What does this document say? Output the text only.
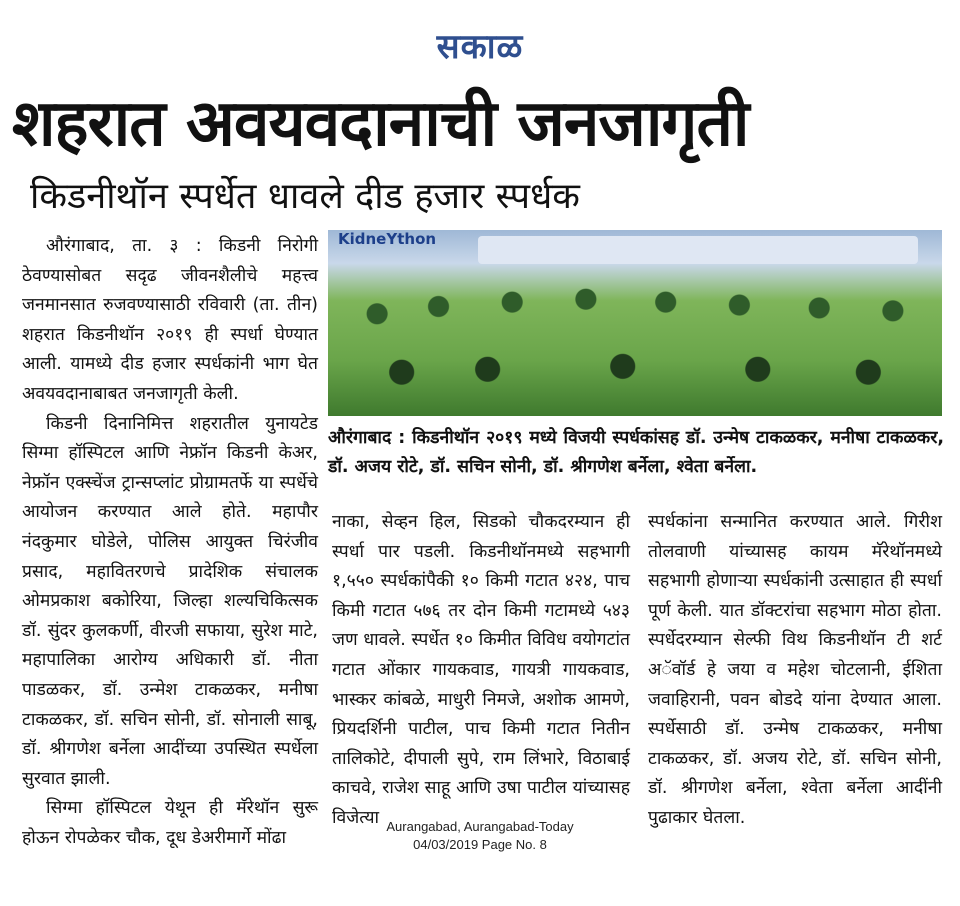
सकाळ
शहरात अवयवदानाची जनजागृती
किडनीथॉन स्पर्धेत धावले दीड हजार स्पर्धक

औरंगाबाद, ता. ३ : किडनी निरोगी ठेवण्यासोबत सदृढ जीवनशैलीचे महत्त्व जनमानसात रुजवण्यासाठी रविवारी (ता. तीन) शहरात किडनीथॉन २०१९ ही स्पर्धा घेण्यात आली. यामध्ये दीड हजार स्पर्धकांनी भाग घेत अवयवदानाबाबत जनजागृती केली.

किडनी दिनानिमित्त शहरातील युनायटेड सिग्मा हॉस्पिटल आणि नेफ्रॉन किडनी केअर, नेफ्रॉन एक्स्चेंज ट्रान्सप्लांट प्रोग्रामतर्फे या स्पर्धेचे आयोजन करण्यात आले होते. महापौर नंदकुमार घोडेले, पोलिस आयुक्त चिरंजीव प्रसाद, महावितरणचे प्रादेशिक संचालक ओमप्रकाश बकोरिया, जिल्हा शल्यचिकित्सक डॉ. सुंदर कुलकर्णी, वीरजी सफाया, सुरेश माटे, महापालिका आरोग्य अधिकारी डॉ. नीता पाडळकर, डॉ. उन्मेश टाकळकर, मनीषा टाकळकर, डॉ. सचिन सोनी, डॉ. सोनाली साबू, डॉ. श्रीगणेश बर्नेला आदींच्या उपस्थित स्पर्धेला सुरवात झाली.

सिग्मा हॉस्पिटल येथून ही मॅरेथॉन सुरू होऊन रोपळेकर चौक, दूध डेअरीमार्गे मोंढा

KidneYthon
औरंगाबाद : किडनीथॉन २०१९ मध्ये विजयी स्पर्धकांसह डॉ. उन्मेष टाकळकर, मनीषा टाकळकर, डॉ. अजय रोटे, डॉ. सचिन सोनी, डॉ. श्रीगणेश बर्नेला, श्वेता बर्नेला.

नाका, सेव्हन हिल, सिडको चौकदरम्यान ही स्पर्धा पार पडली. किडनीथॉनमध्ये सहभागी १,५५० स्पर्धकांपैकी १० किमी गटात ४२४, पाच किमी गटात ५७६ तर दोन किमी गटामध्ये ५४३ जण धावले. स्पर्धेत १० किमीत विविध वयोगटांत गटात ओंकार गायकवाड, गायत्री गायकवाड, भास्कर कांबळे, माधुरी निमजे, अशोक आमणे, प्रियदर्शिनी पाटील, पाच किमी गटात नितीन तालिकोटे, दीपाली सुपे, राम लिंभारे, विठाबाई काचवे, राजेश साहू आणि उषा पाटील यांच्यासह विजेत्या

स्पर्धकांना सन्मानित करण्यात आले. गिरीश तोलवाणी यांच्यासह कायम मॅरेथॉनमध्ये सहभागी होणाऱ्या स्पर्धकांनी उत्साहात ही स्पर्धा पूर्ण केली. यात डॉक्टरांचा सहभाग मोठा होता. स्पर्धेदरम्यान सेल्फी विथ किडनीथॉन टी शर्ट अॅवॉर्ड हे जया व महेश चोटलानी, ईशिता जवाहिरानी, पवन बोडदे यांना देण्यात आला. स्पर्धेसाठी डॉ. उन्मेष टाकळकर, मनीषा टाकळकर, डॉ. अजय रोटे, डॉ. सचिन सोनी, डॉ. श्रीगणेश बर्नेला, श्वेता बर्नेला आदींनी पुढाकार घेतला.

Aurangabad, Aurangabad-Today
04/03/2019 Page No. 8
